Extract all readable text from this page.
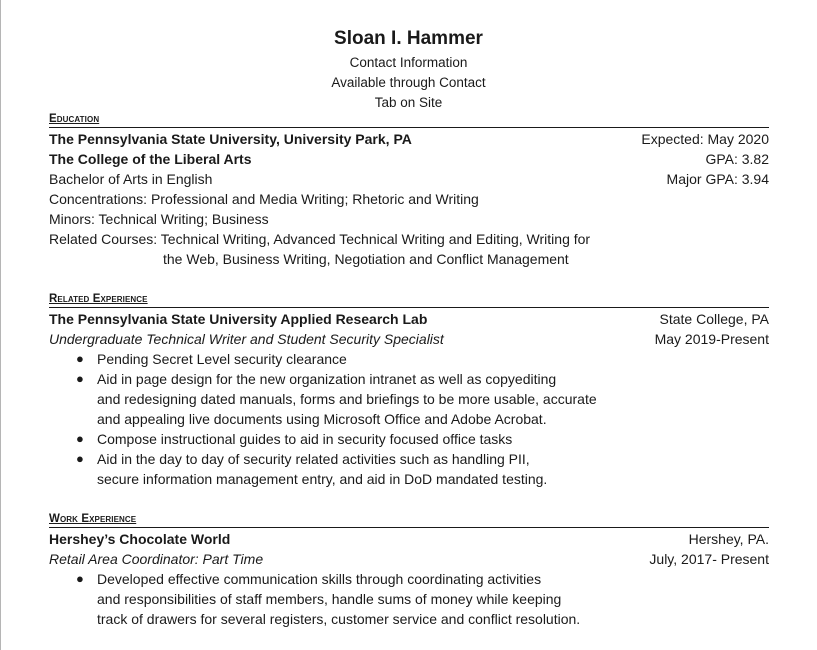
Sloan I. Hammer
Contact Information
Available through Contact
Tab on Site
Education
The Pennsylvania State University, University Park, PA	Expected: May 2020
The College of the Liberal Arts	GPA: 3.82
Bachelor of Arts in English	Major GPA: 3.94
Concentrations: Professional and Media Writing; Rhetoric and Writing
Minors: Technical Writing; Business
Related Courses: Technical Writing, Advanced Technical Writing and Editing, Writing for
the Web, Business Writing, Negotiation and Conflict Management
Related Experience
The Pennsylvania State University Applied Research Lab	State College, PA
Undergraduate Technical Writer and Student Security Specialist	May 2019-Present
● Pending Secret Level security clearance
● Aid in page design for the new organization intranet as well as copyediting
and redesigning dated manuals, forms and briefings to be more usable, accurate
and appealing live documents using Microsoft Office and Adobe Acrobat.
● Compose instructional guides to aid in security focused office tasks
● Aid in the day to day of security related activities such as handling PII,
secure information management entry, and aid in DoD mandated testing.
Work Experience
Hershey’s Chocolate World	Hershey, PA.
Retail Area Coordinator: Part Time	July, 2017- Present
● Developed effective communication skills through coordinating activities
and responsibilities of staff members, handle sums of money while keeping
track of drawers for several registers, customer service and conflict resolution.
